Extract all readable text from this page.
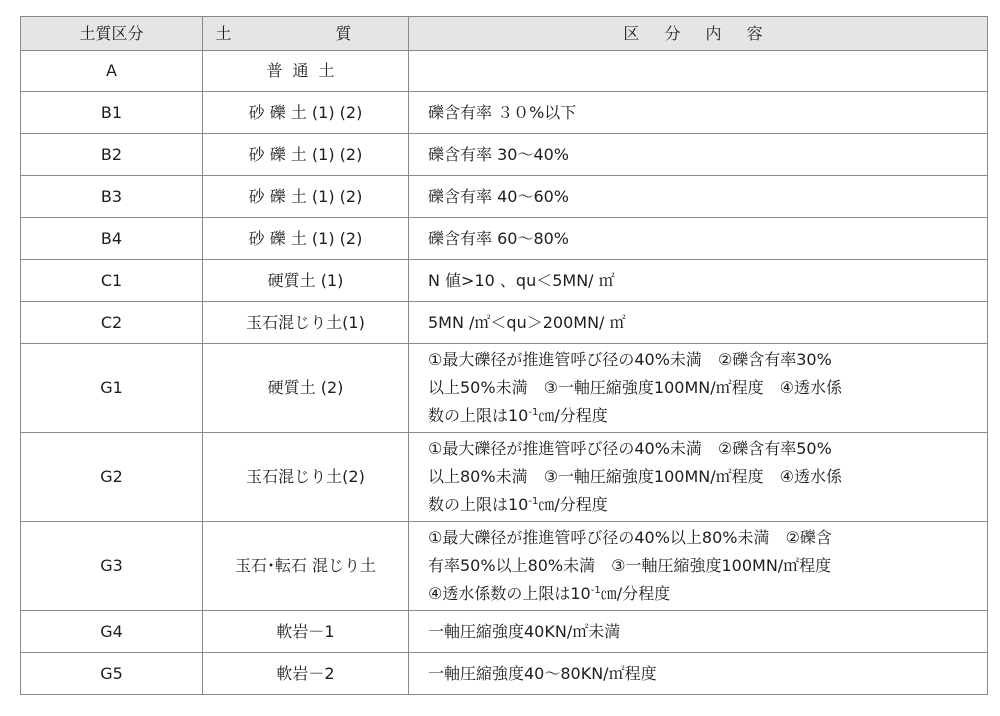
土質区分	土　質	区 分 内 容
A	普通土	
B1	砂 礫 土 (1) (2)	礫含有率 ３０%以下
B2	砂 礫 土 (1) (2)	礫含有率 30～40%
B3	砂 礫 土 (1) (2)	礫含有率 40～60%
B4	砂 礫 土 (1) (2)	礫含有率 60～80%
C1	硬質土 (1)	N 値>10 、qu＜5MN/ ㎡
C2	玉石混じり土(1)	5MN /㎡＜qu＞200MN/ ㎡
G1	硬質土 (2)	①最大礫径が推進管呼び径の40%未満　②礫含有率30%
以上50%未満　③一軸圧縮強度100MN/㎡程度　④透水係
数の上限は$10^{-1}㎝/$分程度

G2	玉石混じり土(2)	①最大礫径が推進管呼び径の40%未満　②礫含有率50%
以上80%未満　③一軸圧縮強度100MN/㎡程度　④透水係
数の上限は$10^{-1}㎝/$分程度

G3	玉石･転石 混じり土	①最大礫径が推進管呼び径の40%以上80%未満　②礫含
有率50%以上80%未満　③一軸圧縮強度100MN/㎡程度
④透水係数の上限は$10^{-1}㎝/$分程度

G4	軟岩－1	一軸圧縮強度40KN/㎡未満
G5	軟岩－2	一軸圧縮強度40～80KN/㎡程度
